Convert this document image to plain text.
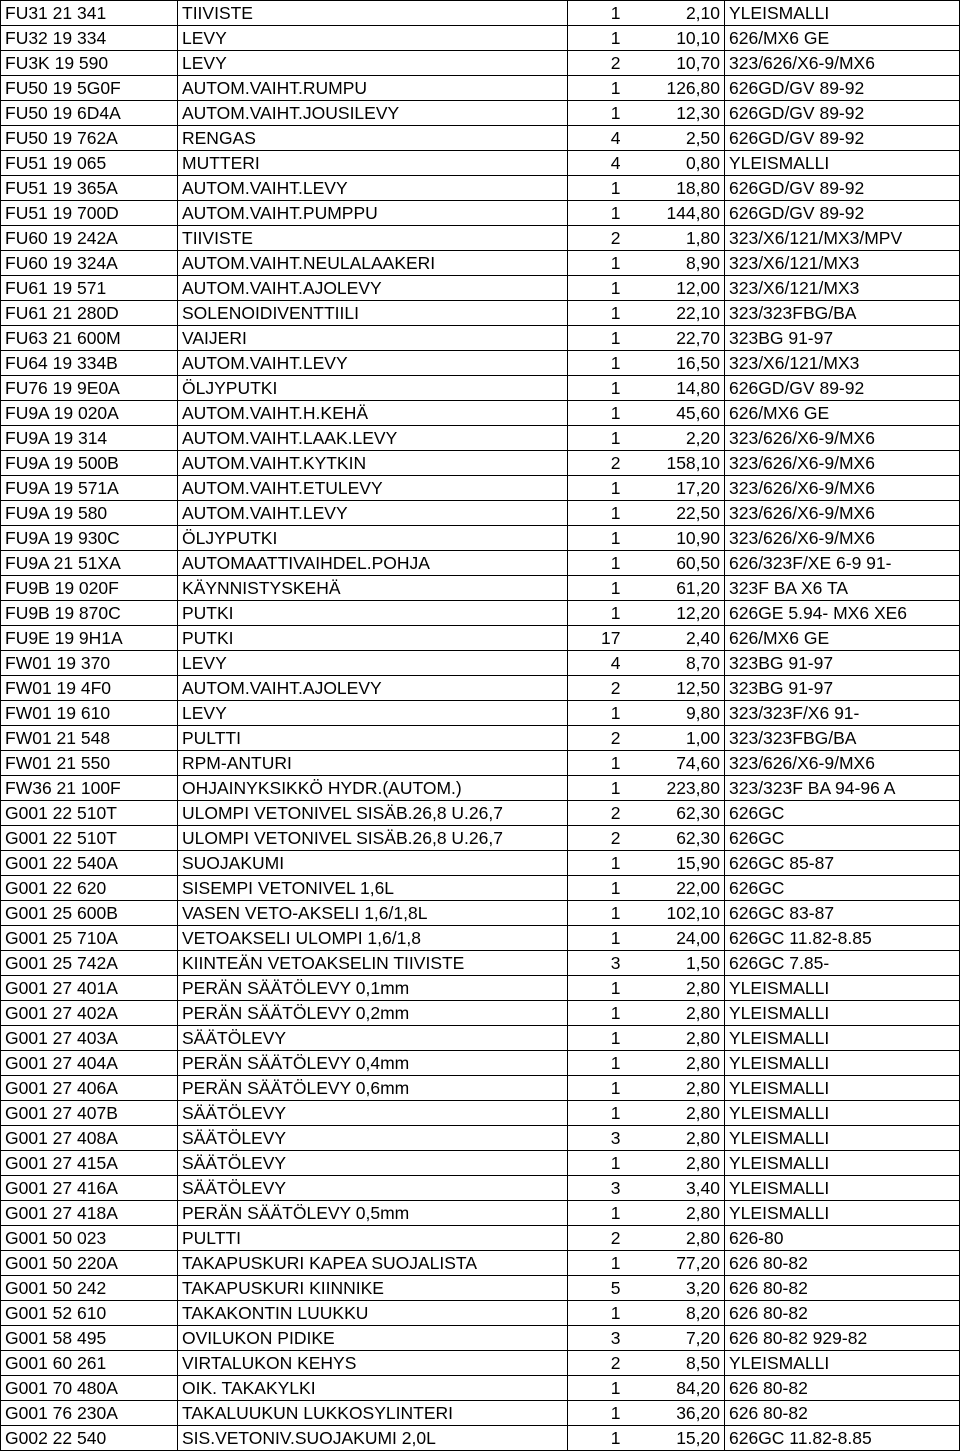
FU31 21 341	TIIVISTE	1	2,10	YLEISMALLI
FU32 19 334	LEVY	1	10,10	626/MX6 GE
FU3K 19 590	LEVY	2	10,70	323/626/X6-9/MX6
FU50 19 5G0F	AUTOM.VAIHT.RUMPU	1	126,80	626GD/GV 89-92
FU50 19 6D4A	AUTOM.VAIHT.JOUSILEVY	1	12,30	626GD/GV 89-92
FU50 19 762A	RENGAS	4	2,50	626GD/GV 89-92
FU51 19 065	MUTTERI	4	0,80	YLEISMALLI
FU51 19 365A	AUTOM.VAIHT.LEVY	1	18,80	626GD/GV 89-92
FU51 19 700D	AUTOM.VAIHT.PUMPPU	1	144,80	626GD/GV 89-92
FU60 19 242A	TIIVISTE	2	1,80	323/X6/121/MX3/MPV
FU60 19 324A	AUTOM.VAIHT.NEULALAAKERI	1	8,90	323/X6/121/MX3
FU61 19 571	AUTOM.VAIHT.AJOLEVY	1	12,00	323/X6/121/MX3
FU61 21 280D	SOLENOIDIVENTTIILI	1	22,10	323/323FBG/BA
FU63 21 600M	VAIJERI	1	22,70	323BG 91-97
FU64 19 334B	AUTOM.VAIHT.LEVY	1	16,50	323/X6/121/MX3
FU76 19 9E0A	ÖLJYPUTKI	1	14,80	626GD/GV 89-92
FU9A 19 020A	AUTOM.VAIHT.H.KEHÄ	1	45,60	626/MX6 GE
FU9A 19 314	AUTOM.VAIHT.LAAK.LEVY	1	2,20	323/626/X6-9/MX6
FU9A 19 500B	AUTOM.VAIHT.KYTKIN	2	158,10	323/626/X6-9/MX6
FU9A 19 571A	AUTOM.VAIHT.ETULEVY	1	17,20	323/626/X6-9/MX6
FU9A 19 580	AUTOM.VAIHT.LEVY	1	22,50	323/626/X6-9/MX6
FU9A 19 930C	ÖLJYPUTKI	1	10,90	323/626/X6-9/MX6
FU9A 21 51XA	AUTOMAATTIVAIHDEL.POHJA	1	60,50	626/323F/XE 6-9 91-
FU9B 19 020F	KÄYNNISTYSKEHÄ	1	61,20	323F BA X6 TA
FU9B 19 870C	PUTKI	1	12,20	626GE 5.94- MX6 XE6
FU9E 19 9H1A	PUTKI	17	2,40	626/MX6 GE
FW01 19 370	LEVY	4	8,70	323BG 91-97
FW01 19 4F0	AUTOM.VAIHT.AJOLEVY	2	12,50	323BG 91-97
FW01 19 610	LEVY	1	9,80	323/323F/X6 91-
FW01 21 548	PULTTI	2	1,00	323/323FBG/BA
FW01 21 550	RPM-ANTURI	1	74,60	323/626/X6-9/MX6
FW36 21 100F	OHJAINYKSIKKÖ HYDR.(AUTOM.)	1	223,80	323/323F BA 94-96 A
G001 22 510T	ULOMPI VETONIVEL SISÄB.26,8 U.26,7	2	62,30	626GC
G001 22 510T	ULOMPI VETONIVEL SISÄB.26,8 U.26,7	2	62,30	626GC
G001 22 540A	SUOJAKUMI	1	15,90	626GC 85-87
G001 22 620	SISEMPI VETONIVEL 1,6L	1	22,00	626GC
G001 25 600B	VASEN VETO-AKSELI 1,6/1,8L	1	102,10	626GC 83-87
G001 25 710A	VETOAKSELI ULOMPI 1,6/1,8	1	24,00	626GC 11.82-8.85
G001 25 742A	KIINTEÄN VETOAKSELIN TIIVISTE	3	1,50	626GC 7.85-
G001 27 401A	PERÄN SÄÄTÖLEVY 0,1mm	1	2,80	YLEISMALLI
G001 27 402A	PERÄN SÄÄTÖLEVY 0,2mm	1	2,80	YLEISMALLI
G001 27 403A	SÄÄTÖLEVY	1	2,80	YLEISMALLI
G001 27 404A	PERÄN SÄÄTÖLEVY 0,4mm	1	2,80	YLEISMALLI
G001 27 406A	PERÄN SÄÄTÖLEVY 0,6mm	1	2,80	YLEISMALLI
G001 27 407B	SÄÄTÖLEVY	1	2,80	YLEISMALLI
G001 27 408A	SÄÄTÖLEVY	3	2,80	YLEISMALLI
G001 27 415A	SÄÄTÖLEVY	1	2,80	YLEISMALLI
G001 27 416A	SÄÄTÖLEVY	3	3,40	YLEISMALLI
G001 27 418A	PERÄN SÄÄTÖLEVY 0,5mm	1	2,80	YLEISMALLI
G001 50 023	PULTTI	2	2,80	626-80
G001 50 220A	TAKAPUSKURI KAPEA SUOJALISTA	1	77,20	626 80-82
G001 50 242	TAKAPUSKURI KIINNIKE	5	3,20	626 80-82
G001 52 610	TAKAKONTIN LUUKKU	1	8,20	626 80-82
G001 58 495	OVILUKON PIDIKE	3	7,20	626 80-82 929-82
G001 60 261	VIRTALUKON KEHYS	2	8,50	YLEISMALLI
G001 70 480A	OIK. TAKAKYLKI	1	84,20	626 80-82
G001 76 230A	TAKALUUKUN LUKKOSYLINTERI	1	36,20	626 80-82
G002 22 540	SIS.VETONIV.SUOJAKUMI 2,0L	1	15,20	626GC 11.82-8.85
